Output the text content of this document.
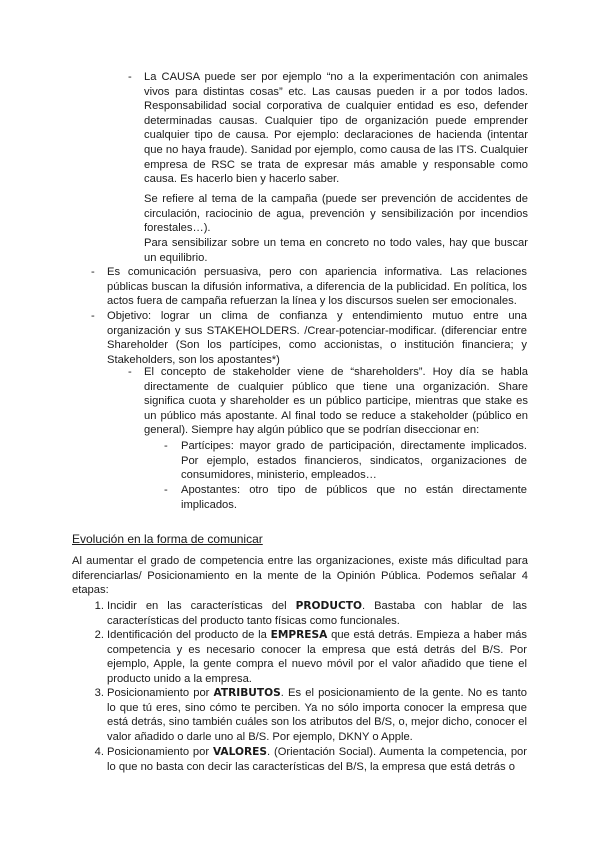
- La CAUSA puede ser por ejemplo “no a la experimentación con animales vivos para distintas cosas” etc. Las causas pueden ir a por todos lados. Responsabilidad social corporativa de cualquier entidad es eso, defender determinadas causas. Cualquier tipo de organización puede emprender cualquier tipo de causa. Por ejemplo: declaraciones de hacienda (intentar que no haya fraude). Sanidad por ejemplo, como causa de las ITS. Cualquier empresa de RSC se trata de expresar más amable y responsable como causa. Es hacerlo bien y hacerlo saber.

Se refiere al tema de la campaña (puede ser prevención de accidentes de circulación, raciocinio de agua, prevención y sensibilización por incendios forestales…).

Para sensibilizar sobre un tema en concreto no todo vales, hay que buscar un equilibrio.

- Es comunicación persuasiva, pero con apariencia informativa. Las relaciones públicas buscan la difusión informativa, a diferencia de la publicidad. En política, los actos fuera de campaña refuerzan la línea y los discursos suelen ser emocionales.

- Objetivo: lograr un clima de confianza y entendimiento mutuo entre una organización y sus STAKEHOLDERS. /Crear-potenciar-modificar. (diferenciar entre Shareholder (Son los partícipes, como accionistas, o institución financiera; y Stakeholders, son los apostantes*)

- El concepto de stakeholder viene de “shareholders”. Hoy día se habla directamente de cualquier público que tiene una organización. Share significa cuota y shareholder es un público participe, mientras que stake es un público más apostante. Al final todo se reduce a stakeholder (público en general). Siempre hay algún público que se podrían diseccionar en:

- Partícipes: mayor grado de participación, directamente implicados. Por ejemplo, estados financieros, sindicatos, organizaciones de consumidores, ministerio, empleados…

- Apostantes: otro tipo de públicos que no están directamente implicados.

Evolución en la forma de comunicar

Al aumentar el grado de competencia entre las organizaciones, existe más dificultad para diferenciarlas/ Posicionamiento en la mente de la Opinión Pública. Podemos señalar 4 etapas:

1. Incidir en las características del PRODUCTO. Bastaba con hablar de las características del producto tanto físicas como funcionales.

2. Identificación del producto de la EMPRESA que está detrás. Empieza a haber más competencia y es necesario conocer la empresa que está detrás del B/S. Por ejemplo, Apple, la gente compra el nuevo móvil por el valor añadido que tiene el producto unido a la empresa.

3. Posicionamiento por ATRIBUTOS. Es el posicionamiento de la gente. No es tanto lo que tú eres, sino cómo te perciben. Ya no sólo importa conocer la empresa que está detrás, sino también cuáles son los atributos del B/S, o, mejor dicho, conocer el valor añadido o darle uno al B/S. Por ejemplo, DKNY o Apple.

4. Posicionamiento por VALORES. (Orientación Social). Aumenta la competencia, por lo que no basta con decir las características del B/S, la empresa que está detrás o
